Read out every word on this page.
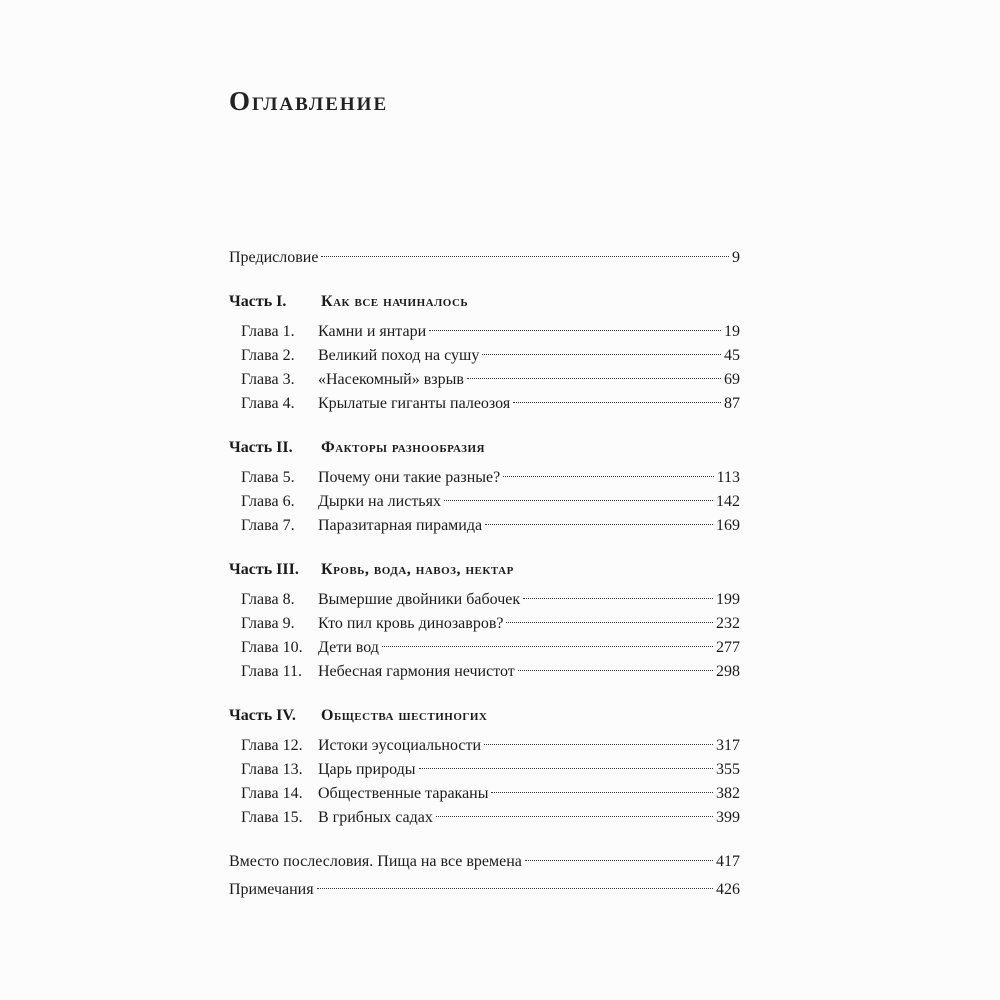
Оглавление
Предисловие	9
Часть I.	Как все начиналось
Глава 1.	Камни и янтари	19
Глава 2.	Великий поход на сушу	45
Глава 3.	«Насекомный» взрыв	69
Глава 4.	Крылатые гиганты палеозоя	87
Часть II.	Факторы разнообразия
Глава 5.	Почему они такие разные?	113
Глава 6.	Дырки на листьях	142
Глава 7.	Паразитарная пирамида	169
Часть III.	Кровь, вода, навоз, нектар
Глава 8.	Вымершие двойники бабочек	199
Глава 9.	Кто пил кровь динозавров?	232
Глава 10. Дети вод	277
Глава 11.	Небесная гармония нечистот	298
Часть IV.	Общества шестиногих
Глава 12. Истоки эусоциальности	317
Глава 13. Царь природы	355
Глава 14. Общественные тараканы	382
Глава 15. В грибных садах	399
Вместо послесловия. Пища на все времена	417
Примечания	426
